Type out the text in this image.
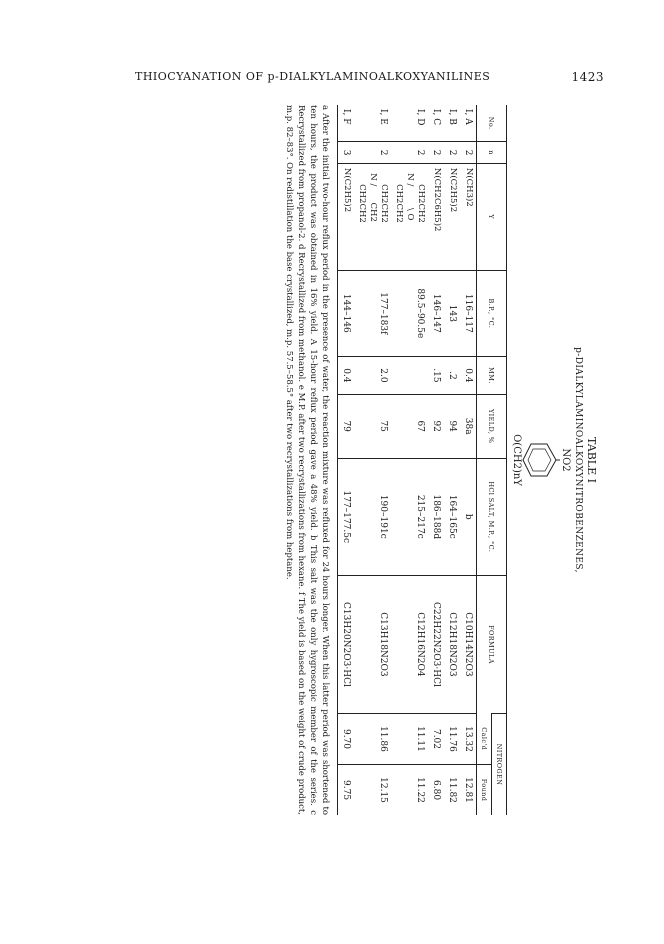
THIOCYANATION OF p-DIALKYLAMINOALKOXYANILINES	1423
TABLE I
p-DIALKYLAMINOALKOXYNITROBENZENES,
NO2
O(CH2)nY
No.	n	Y	B.P., °C.	MM.	YIELD, %	HCl SALT, M.P., °C.	FORMULA	NITROGEN	
								Calc'd	Found
I, A	2	N(CH3)2	116–117	0.4	38a	b	C10H14N2O3	13.32	12.81
I, B	2	N(C2H5)2	143	.2	94	164–165c	C12H18N2O3	11.76	11.82
I, C	2	N(CH2C6H5)2	146–147	.15	92	186–188d	C22H22N2O3·HCl	7.02	6.80
I, D	2	CH2CH2
N /        \ O
CH2CH2	89.5–90.5e		67	215–217c	C12H16N2O4	11.11	11.22
I, E	2	CH2CH2
N /      CH2
CH2CH2	177–183f	2.0	75	190–191c	C13H18N2O3	11.86	12.15
I, F	3	N(C2H5)2	144–146	0.4	79	177–177.5c	C13H20N2O3·HCl	9.70	9.75
a After the initial two-hour reflux period in the presence of water, the reaction mixture was refluxed for 24 hours longer. When this latter period was shortened to ten hours, the product was obtained in 16% yield. A 15-hour reflux period gave a 48% yield. b This salt was the only hygroscopic member of the series. c Recrystallized from propanol-2. d Recrystallized from methanol. e M.P. after two recrystallizations from hexane. f The yield is based on the weight of crude product, m.p. 82–83°. On redistillation the base crystallized, m.p. 57.5–58.5° after two recrystallizations from heptane.
